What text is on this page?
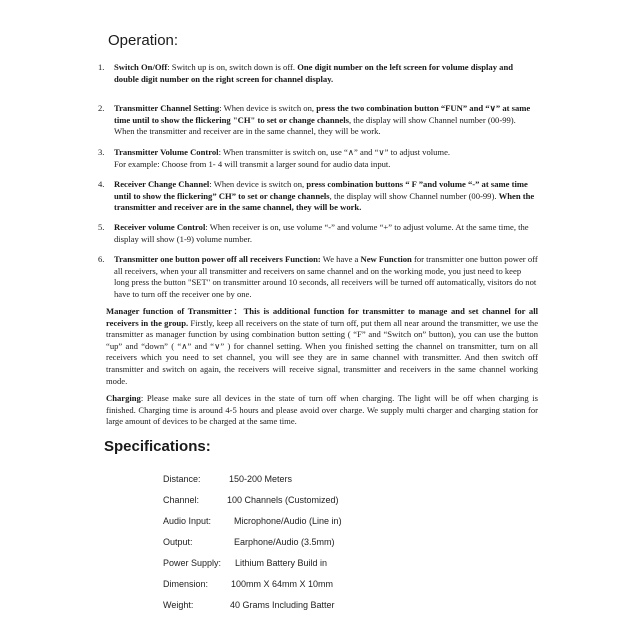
Operation:
1.	Switch On/Off: Switch up is on, switch down is off. One digit number on the left screen for volume display and double digit number on the right screen for channel display.
2.	Transmitter Channel Setting: When device is switch on, press the two combination button “FUN” and “∨” at same time until to show the flickering "CH" to set or change channels, the display will show Channel number (00-99). When the transmitter and receiver are in the same channel, they will be work.
3.	Transmitter Volume Control: When transmitter is switch on, use “∧” and “∨” to adjust volume.
For example: Choose from 1- 4 will transmit a larger sound for audio data input.
4.	Receiver Change Channel: When device is switch on, press combination buttons “ F ”and volume “-” at same time until to show the flickering” CH” to set or change channels, the display will show Channel number (00-99). When the transmitter and receiver are in the same channel, they will be work.
5.	Receiver volume Control: When receiver is on, use volume “-” and volume “+” to adjust volume. At the same time, the display will show (1-9) volume number.
6.	Transmitter one button power off all receivers Function: We have a New Function for transmitter one button power off all receivers, when your all transmitter and receivers on same channel and on the working mode, you just need to keep long press the button "SET" on transmitter around 10 seconds, all receivers will be turned off automatically, visitors do not have to turn off the receiver one by one.
Manager function of Transmitter：This is additional function for transmitter to manage and set channel for all receivers in the group. Firstly, keep all receivers on the state of turn off, put them all near around the transmitter, we use the transmitter as manager function by using combination button setting ( “F” and “Switch on” button), you can use the button “up” and “down” ( “∧” and “∨” ) for channel setting. When you finished setting the channel on transmitter, turn on all receivers which you need to set channel, you will see they are in same channel with transmitter. And then switch off transmitter and switch on again, the receivers will receive signal, transmitter and receivers in the same channel working mode.
Charging: Please make sure all devices in the state of turn off when charging. The light will be off when charging is finished. Charging time is around 4-5 hours and please avoid over charge. We supply multi charger and charging station for large amount of devices to be charged at the same time.
Specifications:
Distance:	150-200 Meters
Channel:	100 Channels (Customized)
Audio Input:	Microphone/Audio (Line in)
Output:	Earphone/Audio (3.5mm)
Power Supply: Lithium Battery Build in
Dimension:	100mm X 64mm X 10mm
Weight:	40 Grams Including Batter
